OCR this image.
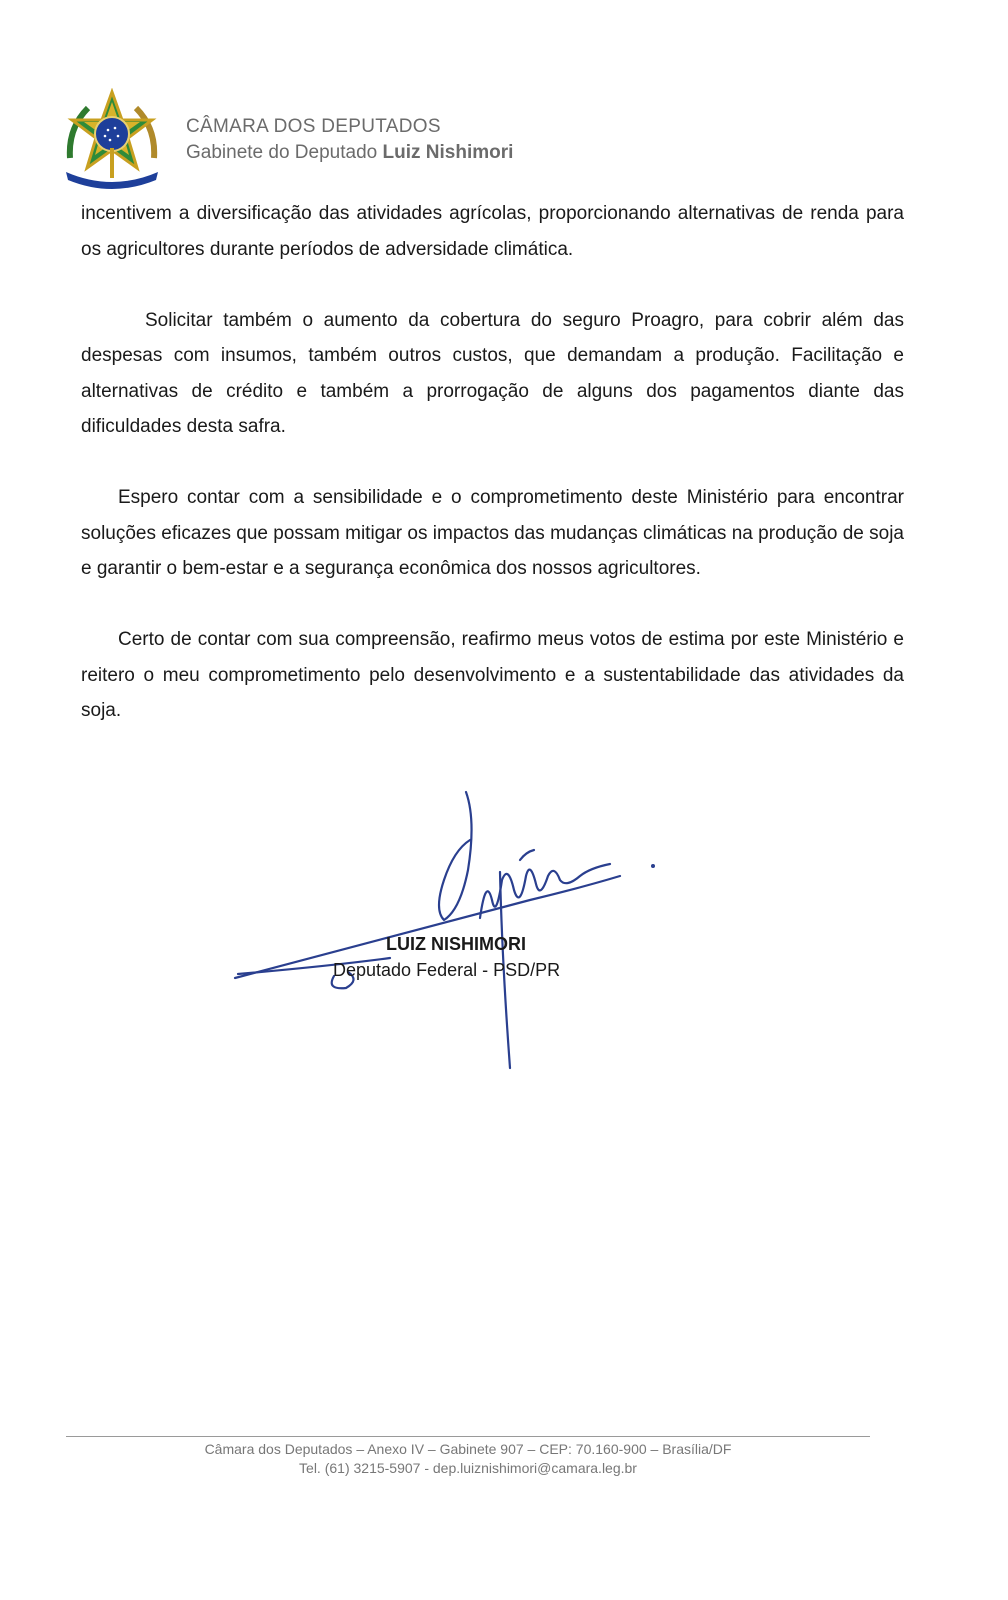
CÂMARA DOS DEPUTADOS
Gabinete do Deputado Luiz Nishimori

incentivem a diversificação das atividades agrícolas, proporcionando alternativas de renda para os agricultores durante períodos de adversidade climática.

Solicitar também o aumento da cobertura do seguro Proagro, para cobrir além das despesas com insumos, também outros custos, que demandam a produção. Facilitação e alternativas de crédito e também a prorrogação de alguns dos pagamentos diante das dificuldades desta safra.

Espero contar com a sensibilidade e o comprometimento deste Ministério para encontrar soluções eficazes que possam mitigar os impactos das mudanças climáticas na produção de soja e garantir o bem-estar e a segurança econômica dos nossos agricultores.

Certo de contar com sua compreensão, reafirmo meus votos de estima por este Ministério e reitero o meu comprometimento pelo desenvolvimento e a sustentabilidade das atividades da soja.

LUIZ NISHIMORI
Deputado Federal - PSD/PR
Câmara dos Deputados – Anexo IV – Gabinete 907 – CEP: 70.160-900 – Brasília/DF
Tel. (61) 3215-5907 - dep.luiznishimori@camara.leg.br
